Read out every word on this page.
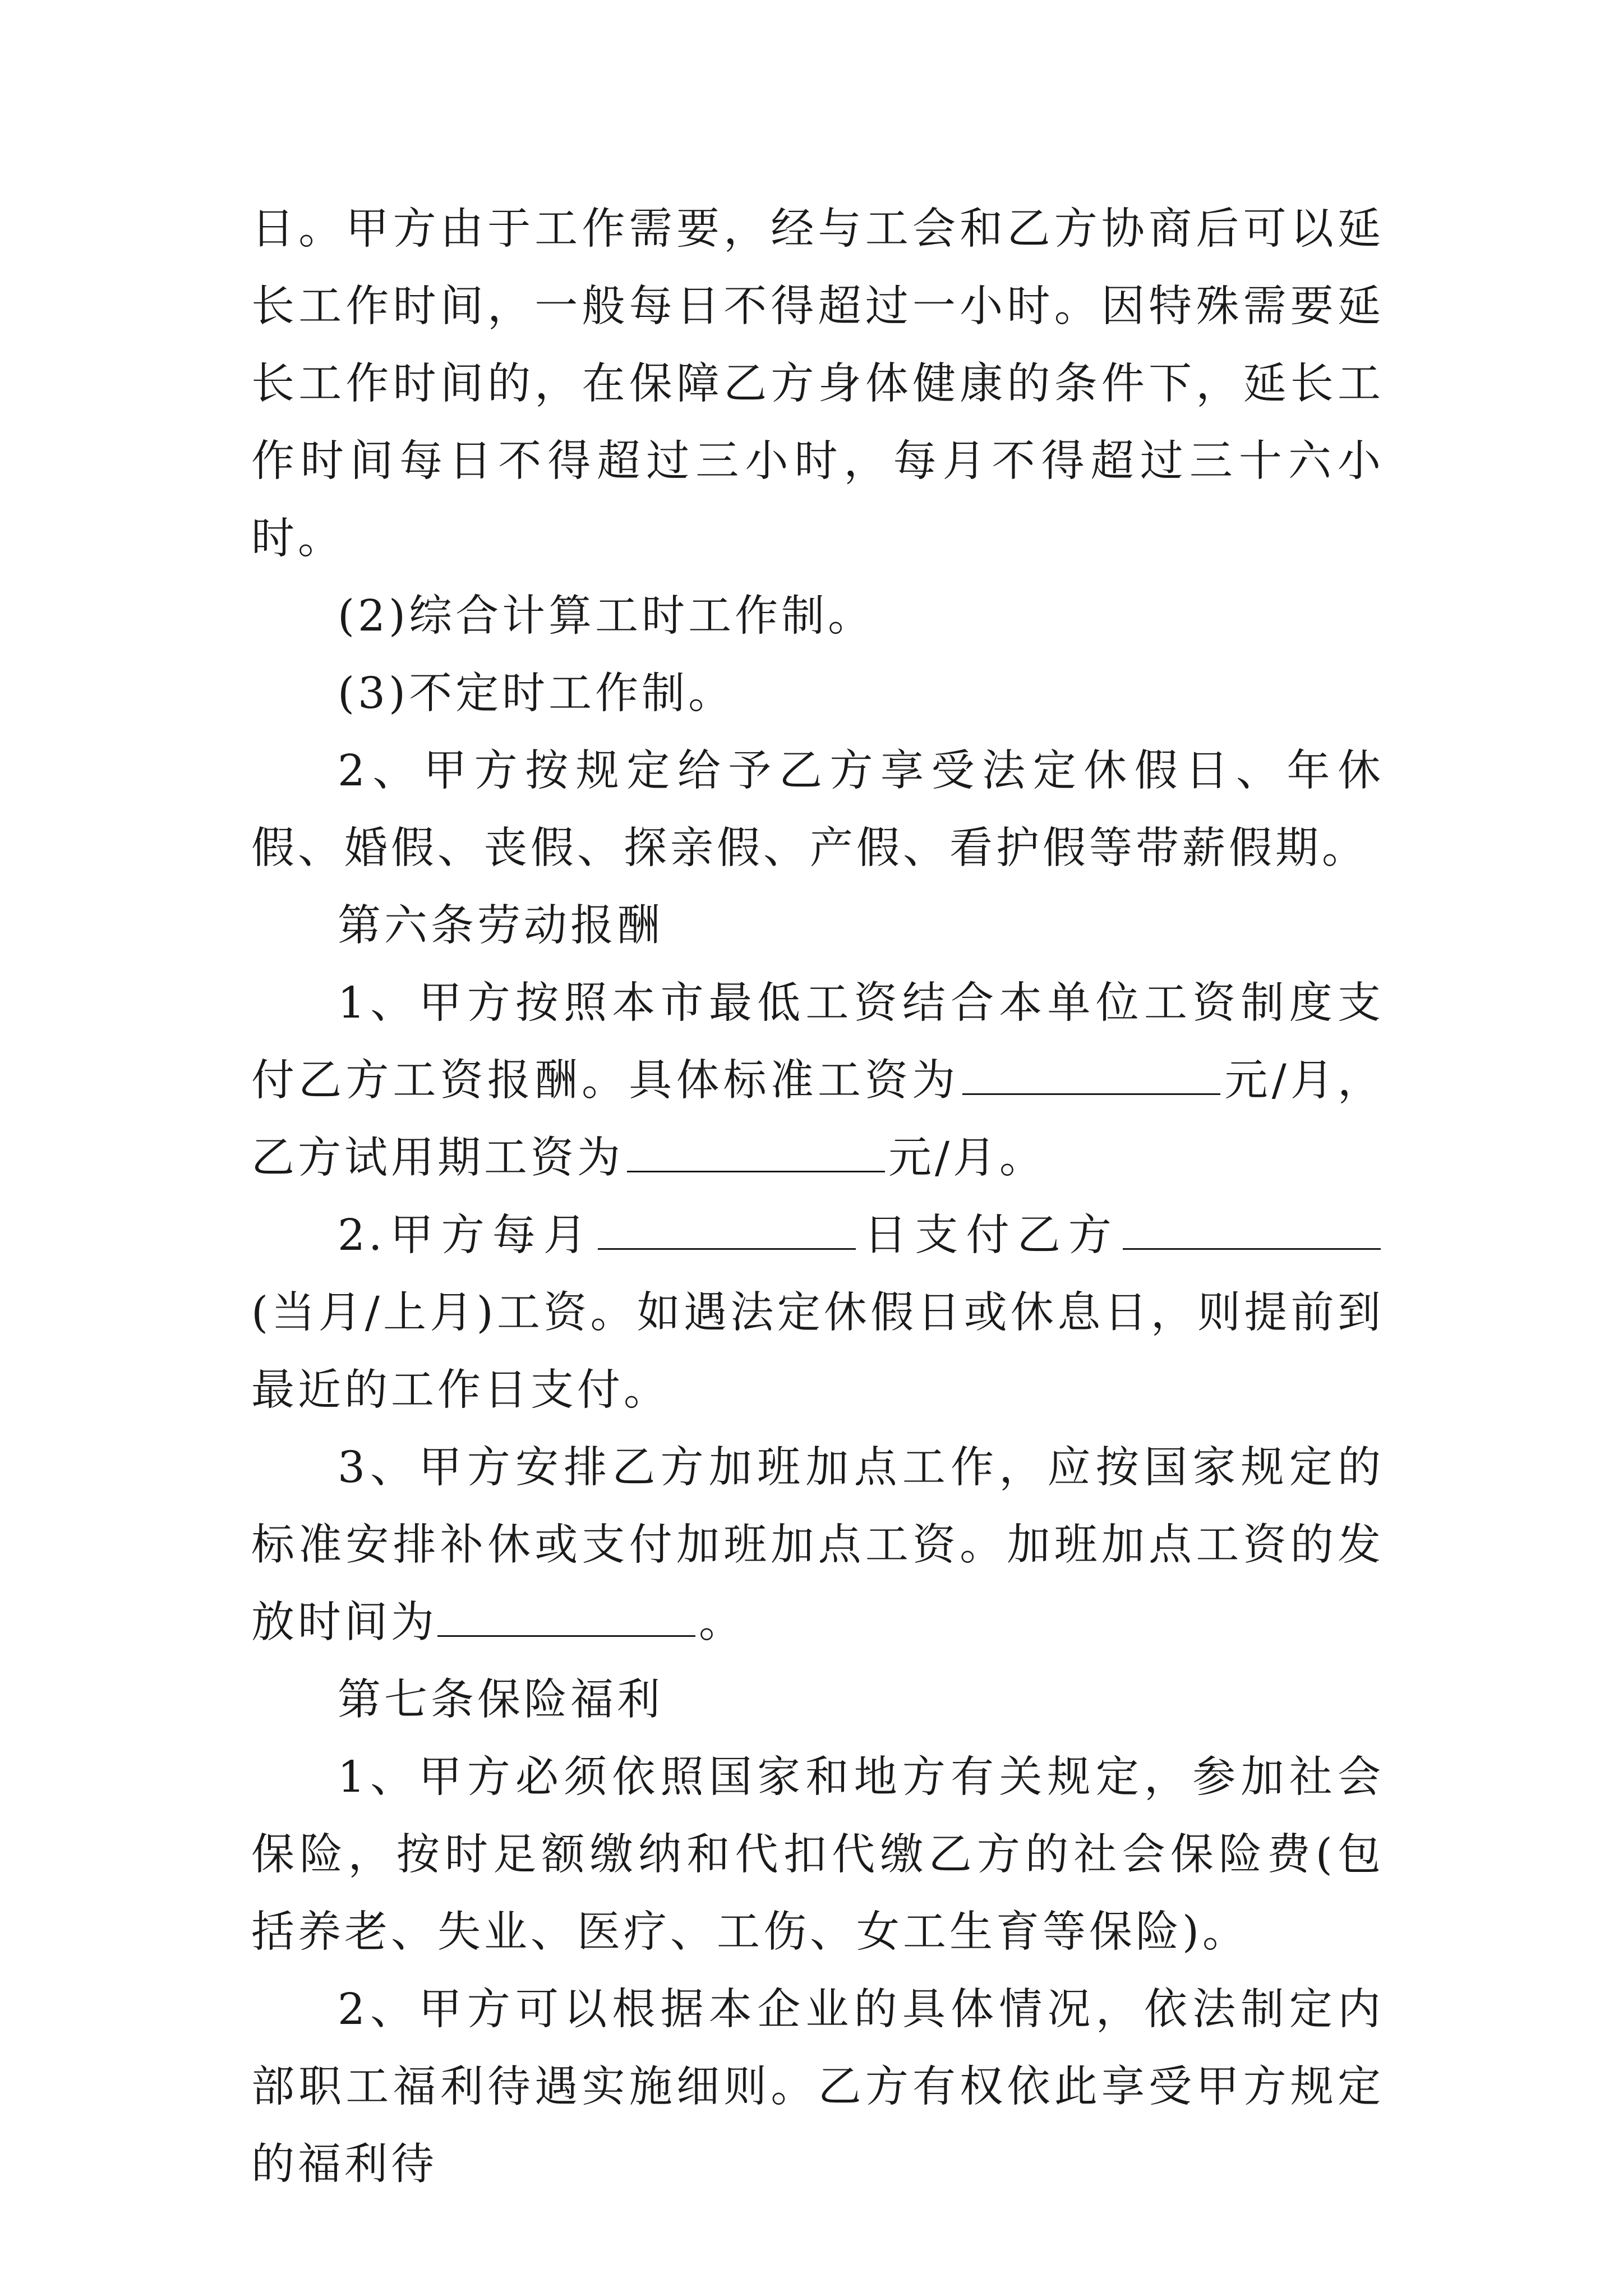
日。甲方由于工作需要，经与工会和乙方协商后可以延长工作时间，一般每日不得超过一小时。因特殊需要延长工作时间的，在保障乙方身体健康的条件下，延长工作时间每日不得超过三小时，每月不得超过三十六小时。

(2)综合计算工时工作制。

(3)不定时工作制。

2、甲方按规定给予乙方享受法定休假日、年休假、婚假、丧假、探亲假、产假、看护假等带薪假期。

第六条劳动报酬

1、甲方按照本市最低工资结合本单位工资制度支付乙方工资报酬。具体标准工资为	元/月，乙方试用期工资为	元/月。

2.甲方每月	日支付乙方(当月/上月)工资。如遇法定休假日或休息日，则提前到最近的工作日支付。

3、甲方安排乙方加班加点工作，应按国家规定的标准安排补休或支付加班加点工资。加班加点工资的发放时间为	。

第七条保险福利

1、甲方必须依照国家和地方有关规定，参加社会保险，按时足额缴纳和代扣代缴乙方的社会保险费(包括养老、失业、医疗、工伤、女工生育等保险)。

2、甲方可以根据本企业的具体情况，依法制定内部职工福利待遇实施细则。乙方有权依此享受甲方规定的福利待
